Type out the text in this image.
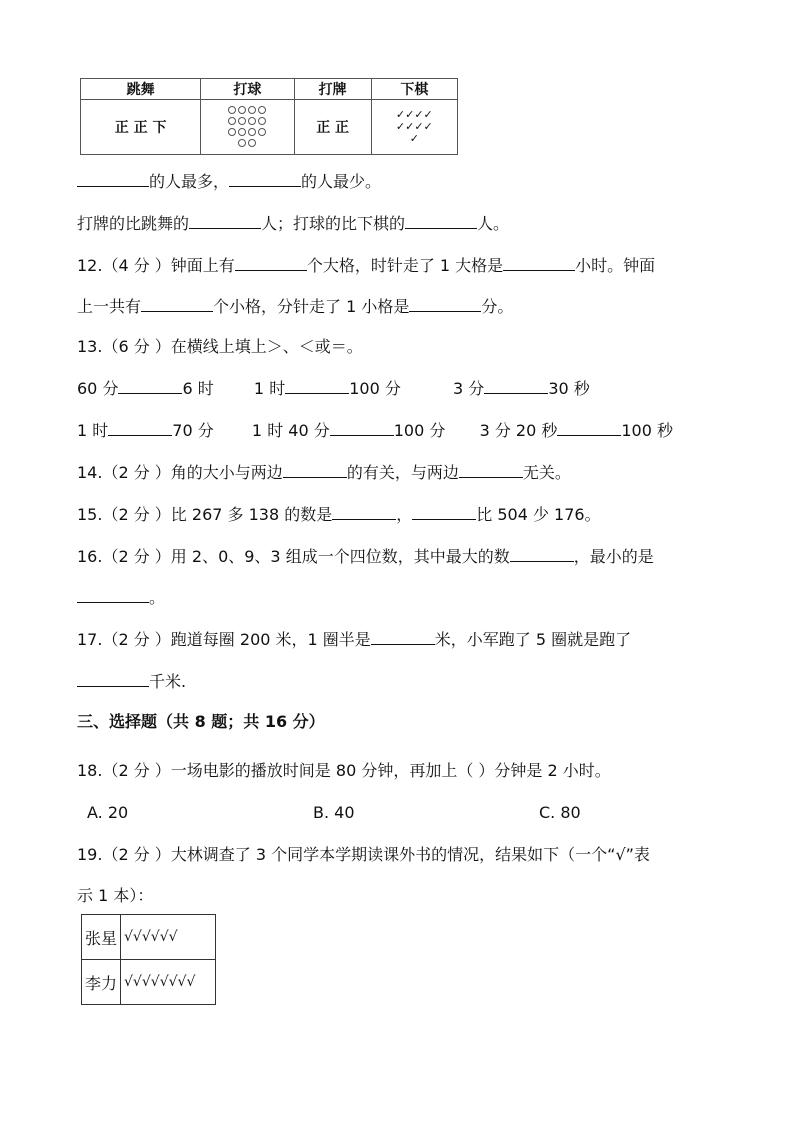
跳舞	打球	打牌	下棋
正 正 下		正 正	✓✓✓✓
✓✓✓✓
✓
的人最多，	的人最少。
打牌的比跳舞的	人；打球的比下棋的	人。
12.（4 分 ）钟面上有	个大格，时针走了 1 大格是	小时。钟面
上一共有	个小格，分针走了 1 小格是	分。
13.（6 分 ）在横线上填上＞、＜或＝。
60 分	6 时	1 时	100 分	3 分	30 秒
1 时	70 分 1 时 40 分	100 分 3 分 20 秒	100 秒
14.（2 分 ）角的大小与两边	的有关，与两边	无关。
15.（2 分 ）比 267 多 138 的数是	，	比 504 少 176。
16.（2 分 ）用 2、0、9、3 组成一个四位数，其中最大的数	，最小的是
。
17.（2 分 ）跑道每圈 200 米，1 圈半是	米，小军跑了 5 圈就是跑了
千米.
三、选择题（共 8 题；共 16 分）
18.（2 分 ）一场电影的播放时间是 80 分钟，再加上（ ）分钟是 2 小时。
A. 20	B. 40	C. 80
19.（2 分 ）大林调查了 3 个同学本学期读课外书的情况，结果如下（一个“√”表
示 1 本）：
张星	√√√√√√
李力	√√√√√√√√
